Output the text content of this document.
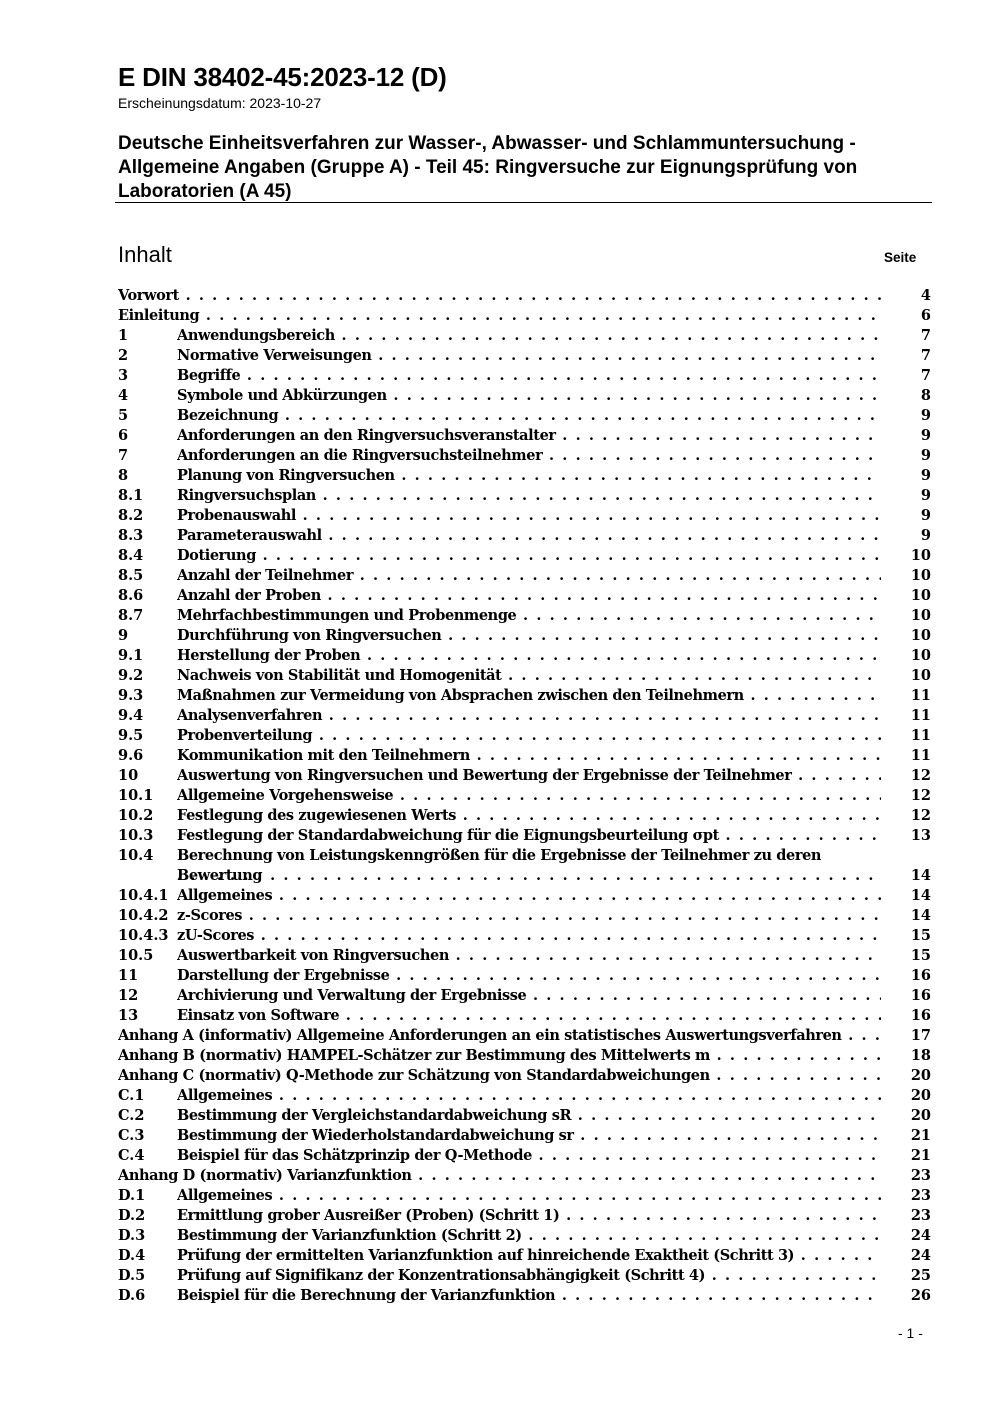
E DIN 38402-45:2023-12 (D)
Erscheinungsdatum: 2023-10-27
Deutsche Einheitsverfahren zur Wasser-, Abwasser- und Schlammuntersuchung - Allgemeine Angaben (Gruppe A) - Teil 45: Ringversuche zur Eignungsprüfung von Laboratorien (A 45)
Inhalt	Seite
Vorwort . . .	4
Einleitung . . .	6
1	Anwendungsbereich . . .	7
2	Normative Verweisungen . . .	7
3	Begriffe . . .	7
4	Symbole und Abkürzungen . . .	8
5	Bezeichnung . . .	9
6	Anforderungen an den Ringversuchsveranstalter . . .	9
7	Anforderungen an die Ringversuchsteilnehmer . . .	9
8	Planung von Ringversuchen . . .	9
8.1	Ringversuchsplan . . .	9
8.2	Probenauswahl . . .	9
8.3	Parameterauswahl . . .	9
8.4	Dotierung . . .	10
8.5	Anzahl der Teilnehmer . . .	10
8.6	Anzahl der Proben . . .	10
8.7	Mehrfachbestimmungen und Probenmenge . . .	10
9	Durchführung von Ringversuchen . . .	10
9.1	Herstellung der Proben . . .	10
9.2	Nachweis von Stabilität und Homogenität . . .	10
9.3	Maßnahmen zur Vermeidung von Absprachen zwischen den Teilnehmern . . .	11
9.4	Analysenverfahren . . .	11
9.5	Probenverteilung . . .	11
9.6	Kommunikation mit den Teilnehmern . . .	11
10	Auswertung von Ringversuchen und Bewertung der Ergebnisse der Teilnehmer . . .	12
10.1	Allgemeine Vorgehensweise . . .	12
10.2	Festlegung des zugewiesenen Werts . . .	12
10.3	Festlegung der Standardabweichung für die Eignungsbeurteilung σpt . . .	13
10.4	Berechnung von Leistungskenngrößen für die Ergebnisse der Teilnehmer zu deren Bewertung . . .	14
10.4.1 Allgemeines . . .	14
10.4.2 z-Scores . . .	14
10.4.3 zU-Scores . . .	15
10.5	Auswertbarkeit von Ringversuchen . . .	15
11	Darstellung der Ergebnisse . . .	16
12	Archivierung und Verwaltung der Ergebnisse . . .	16
13	Einsatz von Software . . .	16
Anhang A (informativ) Allgemeine Anforderungen an ein statistisches Auswertungsverfahren . . .	17
Anhang B (normativ) HAMPEL-Schätzer zur Bestimmung des Mittelwerts m . . .	18
Anhang C (normativ) Q-Methode zur Schätzung von Standardabweichungen . . .	20
C.1	Allgemeines . . .	20
C.2	Bestimmung der Vergleichstandardabweichung sR . . .	20
C.3	Bestimmung der Wiederholstandardabweichung sr . . .	21
C.4	Beispiel für das Schätzprinzip der Q-Methode . . .	21
Anhang D (normativ) Varianzfunktion . . .	23
D.1	Allgemeines . . .	23
D.2	Ermittlung grober Ausreißer (Proben) (Schritt 1) . . .	23
D.3	Bestimmung der Varianzfunktion (Schritt 2) . . .	24
D.4	Prüfung der ermittelten Varianzfunktion auf hinreichende Exaktheit (Schritt 3) . . .	24
D.5	Prüfung auf Signifikanz der Konzentrationsabhängigkeit (Schritt 4) . . .	25
D.6	Beispiel für die Berechnung der Varianzfunktion . . .	26
- 1 -
